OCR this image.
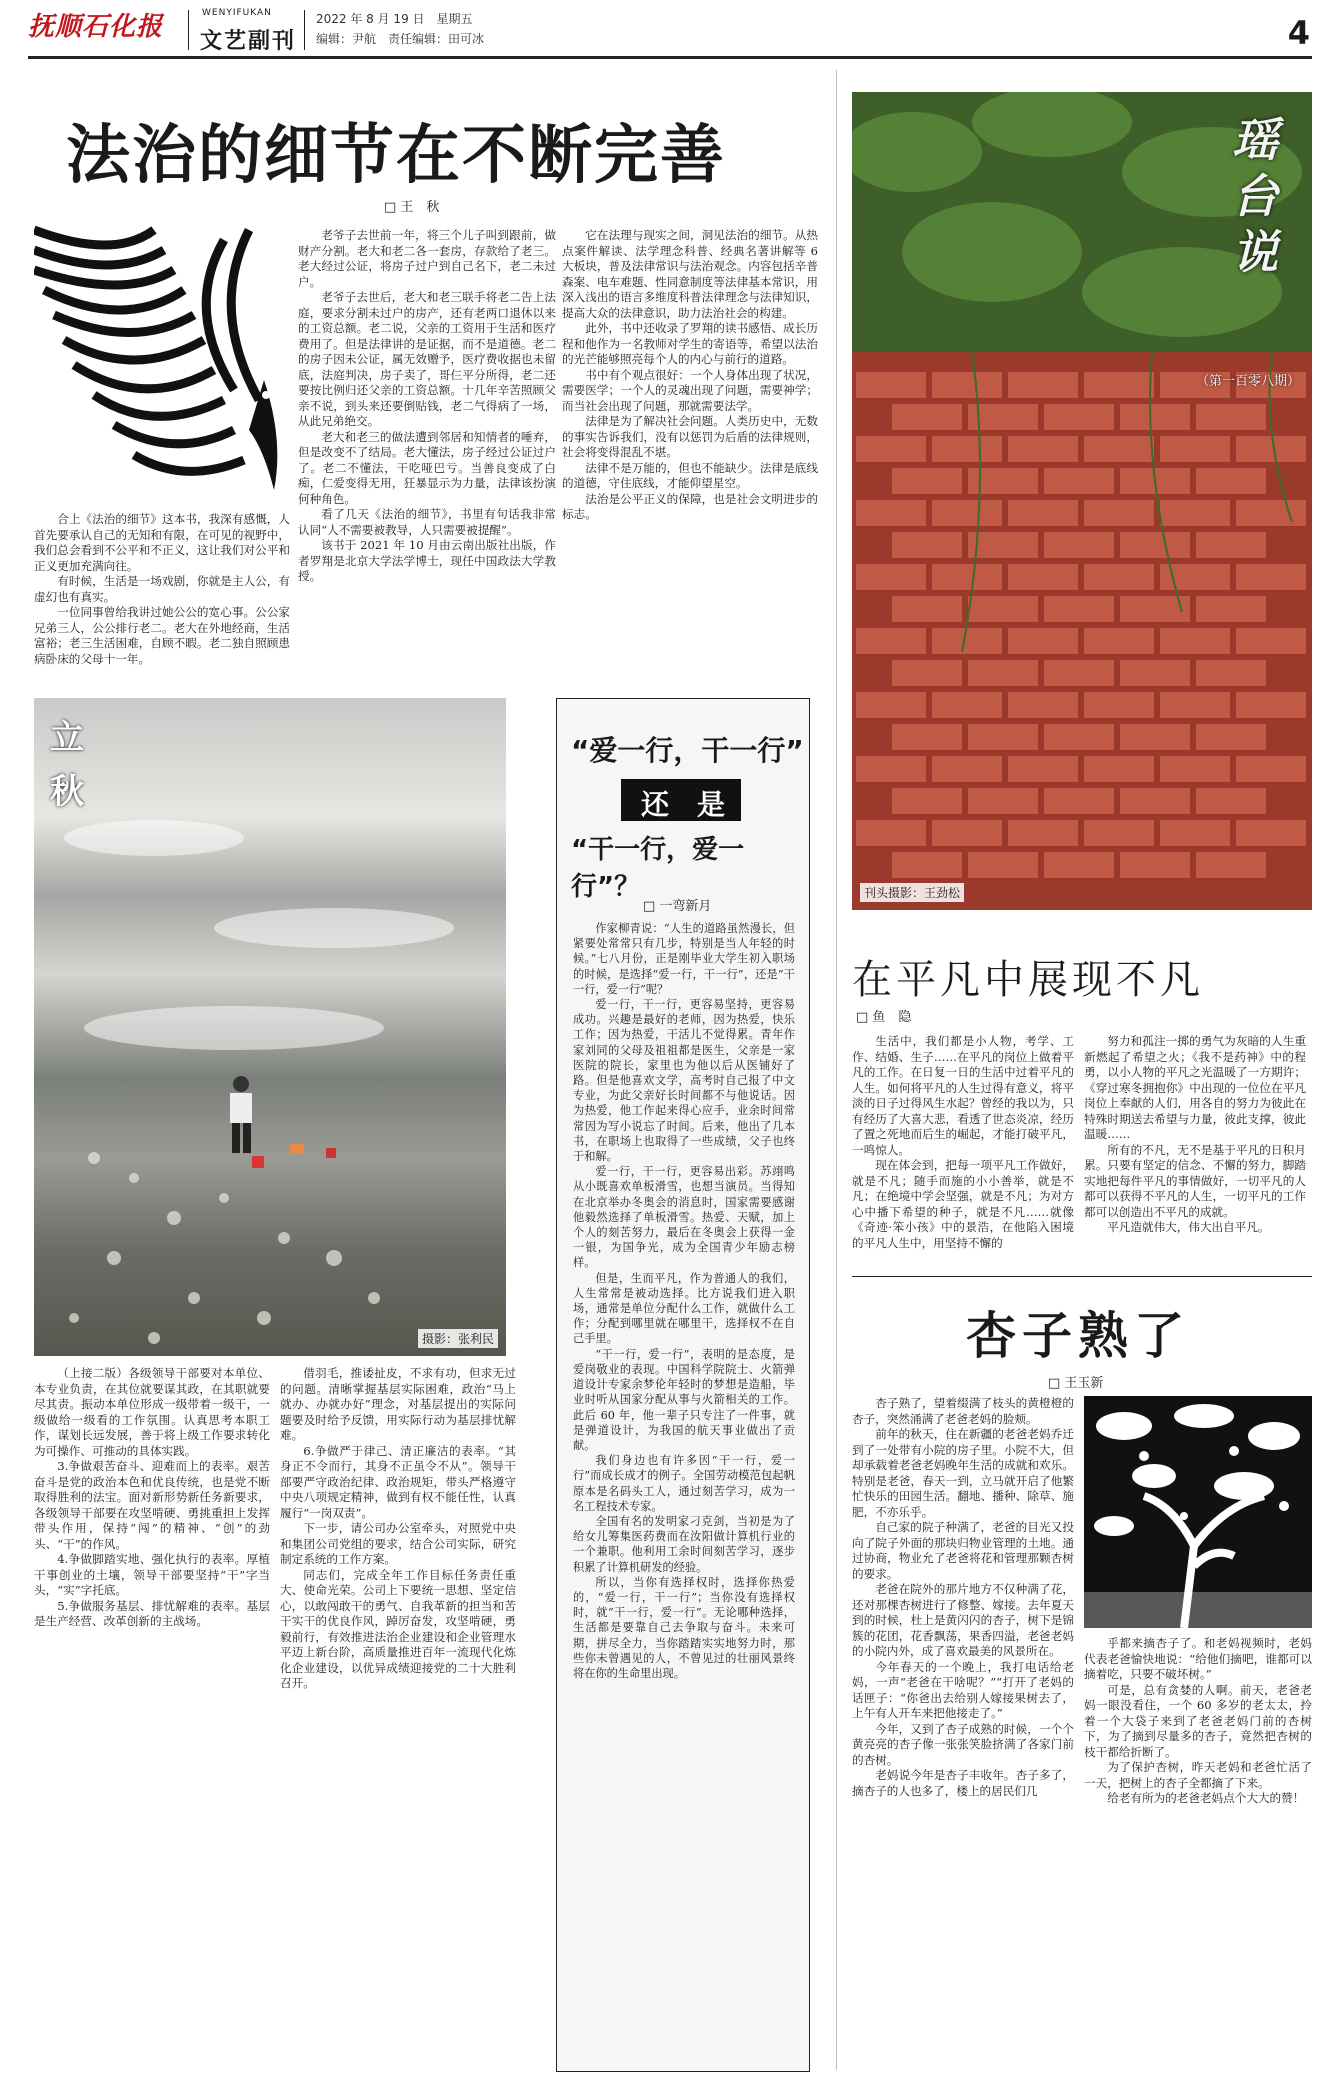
抚顺石化报	WENYIFUKAN
文艺副刊
2022 年 8 月 19 日　星期五
编辑：尹航　责任编辑：田可冰	4
法治的细节在不断完善
□ 王　秋

合上《法治的细节》这本书，我深有感慨，人首先要承认自己的无知和有限，在可见的视野中，我们总会看到不公平和不正义，这让我们对公平和正义更加充满向往。

有时候，生活是一场戏剧，你就是主人公，有虚幻也有真实。

一位同事曾给我讲过她公公的宽心事。公公家兄弟三人，公公排行老二。老大在外地经商，生活富裕；老三生活困难，自顾不暇。老二独自照顾患病卧床的父母十一年。

老爷子去世前一年，将三个儿子叫到跟前，做财产分割。老大和老二各一套房，存款给了老三。老大经过公证，将房子过户到自己名下，老二未过户。

老爷子去世后，老大和老三联手将老二告上法庭，要求分割未过户的房产，还有老两口退休以来的工资总额。老二说，父亲的工资用于生活和医疗费用了。但是法律讲的是证据，而不是道德。老二的房子因未公证，属无效赠予，医疗费收据也未留底，法庭判决，房子卖了，哥仨平分所得，老二还要按比例归还父亲的工资总额。十几年辛苦照顾父亲不说，到头来还要倒贴钱，老二气得病了一场，从此兄弟绝交。

老大和老三的做法遭到邻居和知情者的唾弃，但是改变不了结局。老大懂法，房子经过公证过户了。老二不懂法，干吃哑巴亏。当善良变成了白痴，仁爱变得无用，狂暴显示为力量，法律该扮演何种角色。

看了几天《法治的细节》，书里有句话我非常认同“人不需要被教导，人只需要被提醒”。

该书于 2021 年 10 月由云南出版社出版，作者罗翔是北京大学法学博士，现任中国政法大学教授。

它在法理与现实之间，洞见法治的细节。从热点案件解读、法学理念科普、经典名著讲解等 6 大板块，普及法律常识与法治观念。内容包括辛普森案、电车难题、性同意制度等法律基本常识，用深入浅出的语言多维度科普法律理念与法律知识，提高大众的法律意识，助力法治社会的构建。

此外，书中还收录了罗翔的读书感悟、成长历程和他作为一名教师对学生的寄语等，希望以法治的光芒能够照亮每个人的内心与前行的道路。

书中有个观点很好：一个人身体出现了状况，需要医学；一个人的灵魂出现了问题，需要神学；而当社会出现了问题，那就需要法学。

法律是为了解决社会问题。人类历史中，无数的事实告诉我们，没有以惩罚为后盾的法律规则，社会将变得混乱不堪。

法律不是万能的，但也不能缺少。法律是底线的道德，守住底线，才能仰望星空。

法治是公平正义的保障，也是社会文明进步的标志。

立
秋
摄影：张利民
“爱一行，干一行”
还　是
“干一行，爱一行”？
□ 一弯新月

作家柳青说：“人生的道路虽然漫长，但紧要处常常只有几步，特别是当人年轻的时候。”七八月份，正是刚毕业大学生初入职场的时候，是选择“爱一行，干一行”，还是“干一行，爱一行”呢？

爱一行，干一行，更容易坚持，更容易成功。兴趣是最好的老师，因为热爱，快乐工作；因为热爱，干活儿不觉得累。青年作家刘同的父母及祖祖都是医生，父亲是一家医院的院长，家里也为他以后从医铺好了路。但是他喜欢文学，高考时自己报了中文专业，为此父亲好长时间都不与他说话。因为热爱，他工作起来得心应手，业余时间常常因为写小说忘了时间。后来，他出了几本书，在职场上也取得了一些成绩，父子也终于和解。

爱一行，干一行，更容易出彩。苏翊鸣从小既喜欢单板滑雪，也想当演员。当得知在北京举办冬奥会的消息时，国家需要感谢他毅然选择了单板滑雪。热爱、天赋，加上个人的刻苦努力，最后在冬奥会上获得一金一银，为国争光，成为全国青少年励志榜样。

但是，生而平凡，作为普通人的我们，人生常常是被动选择。比方说我们进入职场，通常是单位分配什么工作，就做什么工作；分配到哪里就在哪里干，选择权不在自己手里。

“干一行，爱一行”，表明的是态度，是爱岗敬业的表现。中国科学院院士、火箭弹道设计专家余梦伦年轻时的梦想是造船，毕业时听从国家分配从事与火箭相关的工作。此后 60 年，他一辈子只专注了一件事，就是弹道设计，为我国的航天事业做出了贡献。

我们身边也有许多因“干一行，爱一行”而成长成才的例子。全国劳动模范包起帆原本是名码头工人，通过刻苦学习，成为一名工程技术专家。

全国有名的发明家刁克剑，当初是为了给女儿筹集医药费而在汝阳做计算机行业的一个兼职。他利用工余时间刻苦学习，逐步积累了计算机研发的经验。

所以，当你有选择权时，选择你热爱的，“爱一行，干一行”；当你没有选择权时，就“干一行，爱一行”。无论哪种选择，生活都是要靠自己去争取与奋斗。未来可期，拼尽全力，当你踏踏实实地努力时，那些你未曾遇见的人，不曾见过的壮丽风景终将在你的生命里出现。

（上接二版）各级领导干部要对本单位、本专业负责，在其位就要谋其政，在其职就要尽其责。振动本单位形成一级带着一级干，一级做给一级看的工作氛围。认真思考本职工作，谋划长远发展，善于将上级工作要求转化为可操作、可推动的具体实践。

3.争做艰苦奋斗、迎难而上的表率。艰苦奋斗是党的政治本色和优良传统，也是党不断取得胜利的法宝。面对新形势新任务新要求，各级领导干部要在攻坚啃硬、勇挑重担上发挥带头作用，保持“闯”的精神、“创”的劲头、“干”的作风。

4.争做脚踏实地、强化执行的表率。厚植干事创业的土壤，领导干部要坚持“干”字当头，“实”字托底。

5.争做服务基层、排忧解难的表率。基层是生产经营、改革创新的主战场。

借羽毛，推诿扯皮，不求有功，但求无过的问题。清晰掌握基层实际困难，政治“马上就办、办就办好”理念，对基层提出的实际问题要及时给予反馈，用实际行动为基层排忧解难。

6.争做严于律己、清正廉洁的表率。“其身正不令而行，其身不正虽令不从”。领导干部要严守政治纪律、政治规矩，带头严格遵守中央八项规定精神，做到有权不能任性，认真履行“一岗双责”。

下一步，请公司办公室牵头，对照党中央和集团公司党组的要求，结合公司实际，研究制定系统的工作方案。

同志们，完成全年工作目标任务责任重大、使命光荣。公司上下要统一思想、坚定信心，以敢闯敢干的勇气、自我革新的担当和苦干实干的优良作风，踔厉奋发，攻坚啃硬，勇毅前行，有效推进法治企业建设和企业管理水平迈上新台阶，高质量推进百年一流现代化炼化企业建设，以优异成绩迎接党的二十大胜利召开。

瑶台说
（第一百零八期）
刊头摄影：王劲松
在平凡中展现不凡
□ 鱼　隐

生活中，我们都是小人物，考学、工作、结婚、生子……在平凡的岗位上做着平凡的工作。在日复一日的生活中过着平凡的人生。如何将平凡的人生过得有意义，将平淡的日子过得风生水起？曾经的我以为，只有经历了大喜大悲，看透了世态炎凉，经历了置之死地而后生的崛起，才能打破平凡，一鸣惊人。

现在体会到，把每一项平凡工作做好，就是不凡；随手而施的小小善举，就是不凡；在绝境中学会坚强，就是不凡；为对方心中播下希望的种子，就是不凡……就像《奇迹·笨小孩》中的景浩，在他陷入困境的平凡人生中，用坚持不懈的

努力和孤注一掷的勇气为灰暗的人生重新燃起了希望之火；《我不是药神》中的程勇，以小人物的平凡之光温暖了一方期许；《穿过寒冬拥抱你》中出现的一位位在平凡岗位上奉献的人们，用各自的努力为彼此在特殊时期送去希望与力量，彼此支撑，彼此温暖……

所有的不凡，无不是基于平凡的日积月累。只要有坚定的信念、不懈的努力，脚踏实地把每件平凡的事情做好，一切平凡的人都可以获得不平凡的人生，一切平凡的工作都可以创造出不平凡的成就。

平凡造就伟大，伟大出自平凡。

杏子熟了
□ 王玉新

杏子熟了，望着缀满了枝头的黄橙橙的杏子，突然涌满了老爸老妈的脸颊。

前年的秋天，住在新疆的老爸老妈乔迁到了一处带有小院的房子里。小院不大，但却承载着老爸老妈晚年生活的成就和欢乐。特别是老爸，春天一到，立马就开启了他繁忙快乐的田园生活。翻地、播种、除草、施肥，不亦乐乎。

自己家的院子种满了，老爸的目光又投向了院子外面的那块归物业管理的土地。通过协商，物业允了老爸将花和管理那颗杏树的要求。

老爸在院外的那片地方不仅种满了花，还对那棵杏树进行了修整、嫁接。去年夏天到的时候，杜上是黄闪闪的杏子，树下是锦簇的花团，花香飘荡，果香四溢，老爸老妈的小院内外，成了喜欢最美的风景所在。

今年春天的一个晚上，我打电话给老妈，一声“老爸在干啥呢？”“打开了老妈的话匣子：“你爸出去给别人嫁接果树去了，上午有人开车来把他接走了。”

今年，又到了杏子成熟的时候，一个个黄亮亮的杏子像一张张笑脸挤满了各家门前的杏树。

老妈说今年是杏子丰收年。杏子多了，摘杏子的人也多了，楼上的居民们几

乎都来摘杏子了。和老妈视频时，老妈代表老爸愉快地说：“给他们摘吧，谁都可以摘着吃，只要不破坏树。”

可是，总有贪婪的人啊。前天，老爸老妈一眼没看住，一个 60 多岁的老太太，拎着一个大袋子来到了老爸老妈门前的杏树下，为了摘到尽量多的杏子，竟然把杏树的枝干都给折断了。

为了保护杏树，昨天老妈和老爸忙活了一天，把树上的杏子全都摘了下来。

给老有所为的老爸老妈点个大大的赞！
